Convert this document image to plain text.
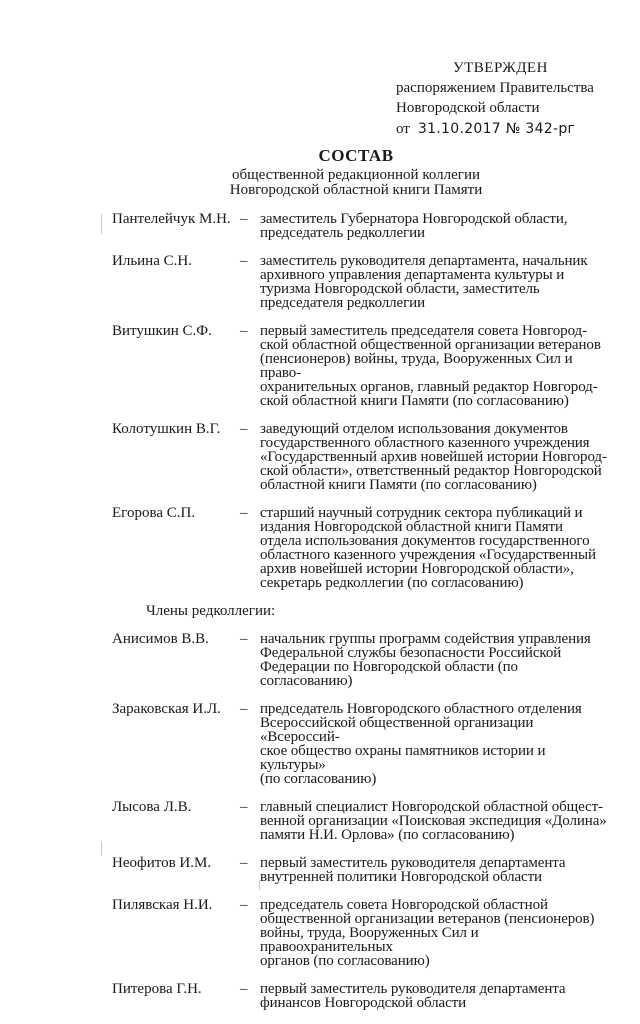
УТВЕРЖДЕН
распоряжением Правительства
Новгородской области
от 31.10.2017 № 342-рг
СОСТАВ
общественной редакционной коллегии
Новгородской областной книги Памяти
Пантелейчук М.Н. – заместитель Губернатора Новгородской области,
председатель редколлегии
Ильина С.Н.	– заместитель руководителя департамента, начальник
архивного управления департамента культуры и
туризма Новгородской области, заместитель
председателя редколлегии
Витушкин С.Ф.	– первый заместитель председателя совета Новгород-
ской областной общественной организации ветеранов
(пенсионеров) войны, труда, Вооруженных Сил и право-
охранительных органов, главный редактор Новгород-
ской областной книги Памяти (по согласованию)
Колотушкин В.Г.	– заведующий отделом использования документов
государственного областного казенного учреждения
«Государственный архив новейшей истории Новгород-
ской области», ответственный редактор Новгородской
областной книги Памяти (по согласованию)
Егорова С.П.	– старший научный сотрудник сектора публикаций и
издания Новгородской областной книги Памяти
отдела использования документов государственного
областного казенного учреждения «Государственный
архив новейшей истории Новгородской области»,
секретарь редколлегии (по согласованию)
Члены редколлегии:
Анисимов В.В.	– начальник группы программ содействия управления
Федеральной службы безопасности Российской
Федерации по Новгородской области (по согласованию)
Зараковская И.Л.	– председатель Новгородского областного отделения
Всероссийской общественной организации «Всероссий-
ское общество охраны памятников истории и культуры»
(по согласованию)
Лысова Л.В.	– главный специалист Новгородской областной общест-
венной организации «Поисковая экспедиция «Долина»
памяти Н.И. Орлова» (по согласованию)
Неофитов И.М.	– первый заместитель руководителя департамента
внутренней политики Новгородской области
Пилявская Н.И.	– председатель совета Новгородской областной
общественной организации ветеранов (пенсионеров)
войны, труда, Вооруженных Сил и правоохранительных
органов (по согласованию)
Питерова Г.Н.	– первый заместитель руководителя департамента
финансов Новгородской области
